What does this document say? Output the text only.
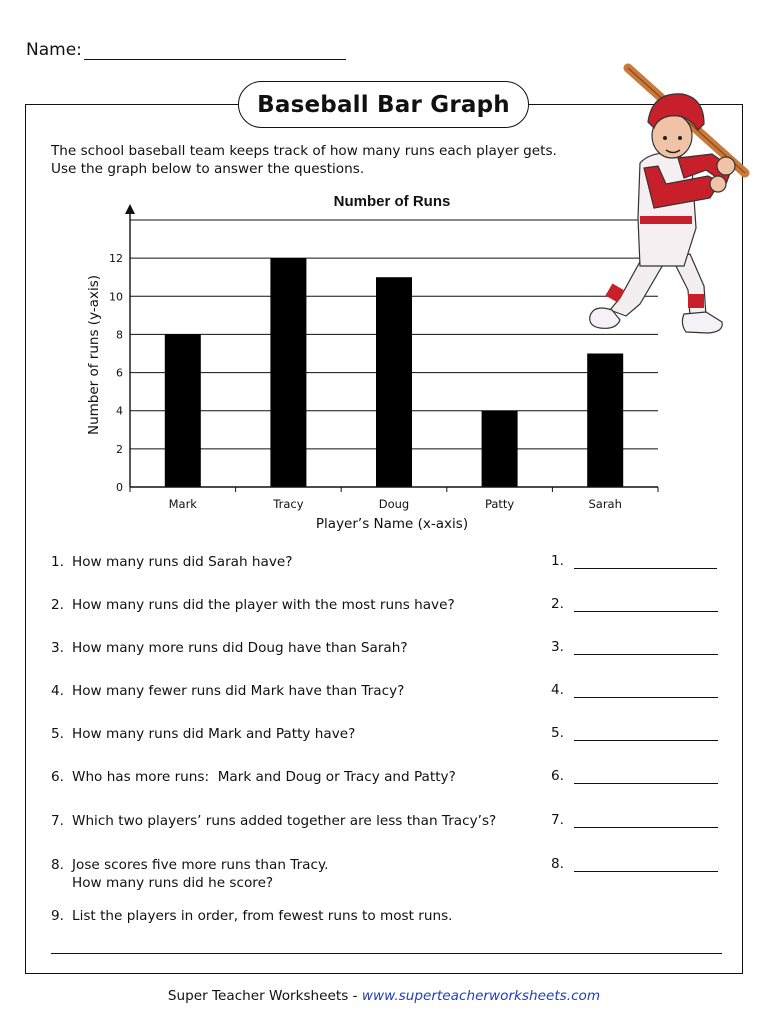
Name:
Baseball Bar Graph
The school baseball team keeps track of how many runs each player gets.
Use the graph below to answer the questions.
0
2
4
6
8
10
12
Mark	Tracy	Doug	Patty	Sarah
Number of Runs
Player’s Name (x-axis)
Number of runs (y-axis)
1. How many runs did Sarah have?	1.
2. How many runs did the player with the most runs have?	2.
3. How many more runs did Doug have than Sarah?	3.
4. How many fewer runs did Mark have than Tracy?	4.
5. How many runs did Mark and Patty have?	5.
6. Who has more runs:  Mark and Doug or Tracy and Patty?	6.
7. Which two players’ runs added together are less than Tracy’s?	7.
8. Jose scores five more runs than Tracy.
How many runs did he score?
8.
9. List the players in order, from fewest runs to most runs.
Super Teacher Worksheets - www.superteacherworksheets.com
